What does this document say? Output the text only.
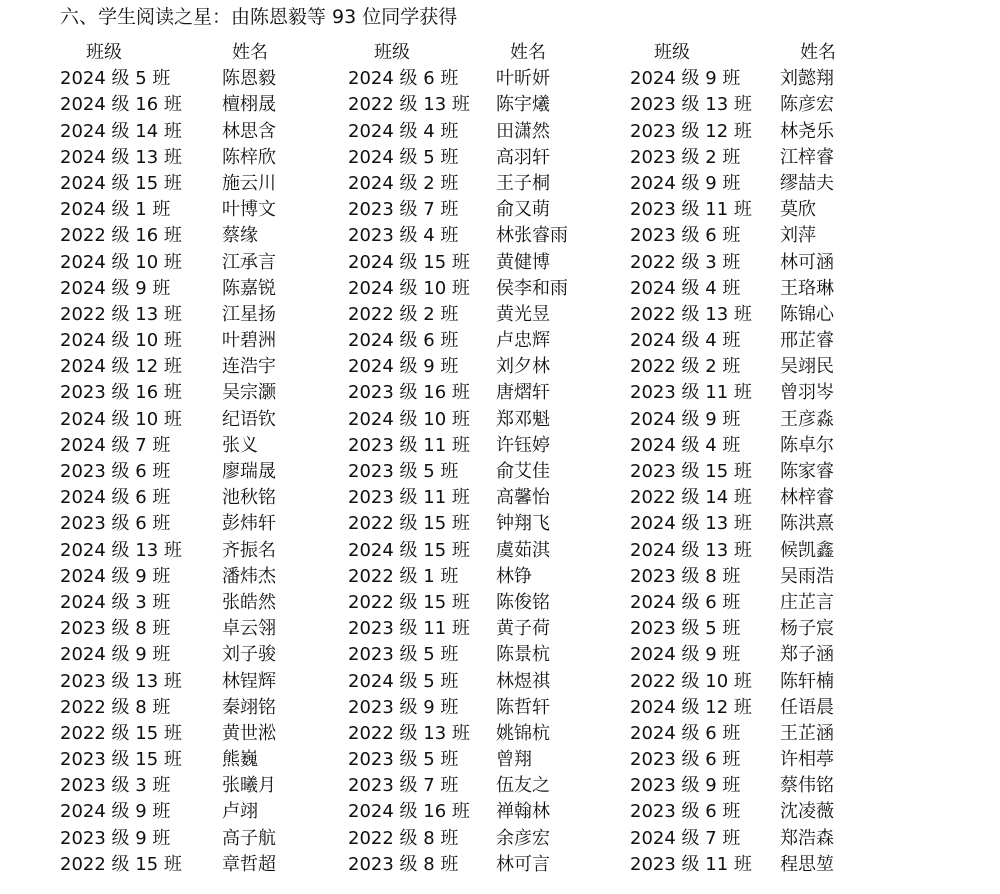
六、学生阅读之星：由陈恩毅等 93 位同学获得
班级	姓名	班级	姓名	班级	姓名
2024 级 5 班	陈恩毅	2024 级 6 班 叶昕妍	2024 级 9 班 刘懿翔
2024 级 16 班 檀栩晟	2022 级 13 班 陈宇爔	2023 级 13 班 陈彦宏
2024 级 14 班 林思含	2024 级 4 班 田潇然	2023 级 12 班 林尧乐
2024 级 13 班 陈梓欣	2024 级 5 班 高羽轩	2023 级 2 班 江梓睿
2024 级 15 班 施云川	2024 级 2 班 王子桐	2024 级 9 班 缪喆夫
2024 级 1 班	叶博文	2023 级 7 班 俞又萌	2023 级 11 班 莫欣
2022 级 16 班 蔡缘	2023 级 4 班 林张睿雨	2023 级 6 班 刘萍
2024 级 10 班 江承言	2024 级 15 班 黄健博	2022 级 3 班 林可涵
2024 级 9 班	陈嘉锐	2024 级 10 班 侯李和雨	2024 级 4 班 王珞琳
2022 级 13 班 江星扬	2022 级 2 班 黄光昱	2022 级 13 班 陈锦心
2024 级 10 班 叶碧洲	2024 级 6 班 卢忠辉	2024 级 4 班 邢芷睿
2024 级 12 班 连浩宇	2024 级 9 班 刘夕林	2022 级 2 班 吴翊民
2023 级 16 班 吴宗灏	2023 级 16 班 唐熠轩	2023 级 11 班 曾羽岑
2024 级 10 班 纪语钦	2024 级 10 班 郑邓魁	2024 级 9 班 王彦淼
2024 级 7 班	张义	2023 级 11 班 许钰婷	2024 级 4 班 陈卓尔
2023 级 6 班	廖瑞晟	2023 级 5 班 俞艾佳	2023 级 15 班 陈家睿
2024 级 6 班	池秋铭	2023 级 11 班 高馨怡	2022 级 14 班 林梓睿
2023 级 6 班	彭炜轩	2022 级 15 班 钟翔飞	2024 级 13 班 陈洪熹
2024 级 13 班 齐振名	2024 级 15 班 虞茹淇	2024 级 13 班 候凯鑫
2024 级 9 班	潘炜杰	2022 级 1 班 林铮	2023 级 8 班 吴雨浩
2024 级 3 班	张皓然	2022 级 15 班 陈俊铭	2024 级 6 班 庄芷言
2023 级 8 班	卓云翎	2023 级 11 班 黄子荷	2023 级 5 班 杨子宸
2024 级 9 班	刘子骏	2023 级 5 班 陈景杭	2024 级 9 班 郑子涵
2023 级 13 班 林锃辉	2024 级 5 班 林煜祺	2022 级 10 班 陈轩楠
2022 级 8 班	秦翊铭	2023 级 9 班 陈哲轩	2024 级 12 班 任语晨
2022 级 15 班 黄世淞	2022 级 13 班 姚锦杭	2024 级 6 班 王芷涵
2023 级 15 班 熊巍	2023 级 5 班 曾翔	2023 级 6 班 许相葶
2023 级 3 班	张曦月	2023 级 7 班 伍友之	2023 级 9 班 蔡伟铭
2024 级 9 班	卢翊	2024 级 16 班 禅翰林	2023 级 6 班 沈凌薇
2023 级 9 班	高子航	2022 级 8 班 余彦宏	2024 级 7 班 郑浩森
2022 级 15 班 章哲超	2023 级 8 班 林可言	2023 级 11 班 程思堃
